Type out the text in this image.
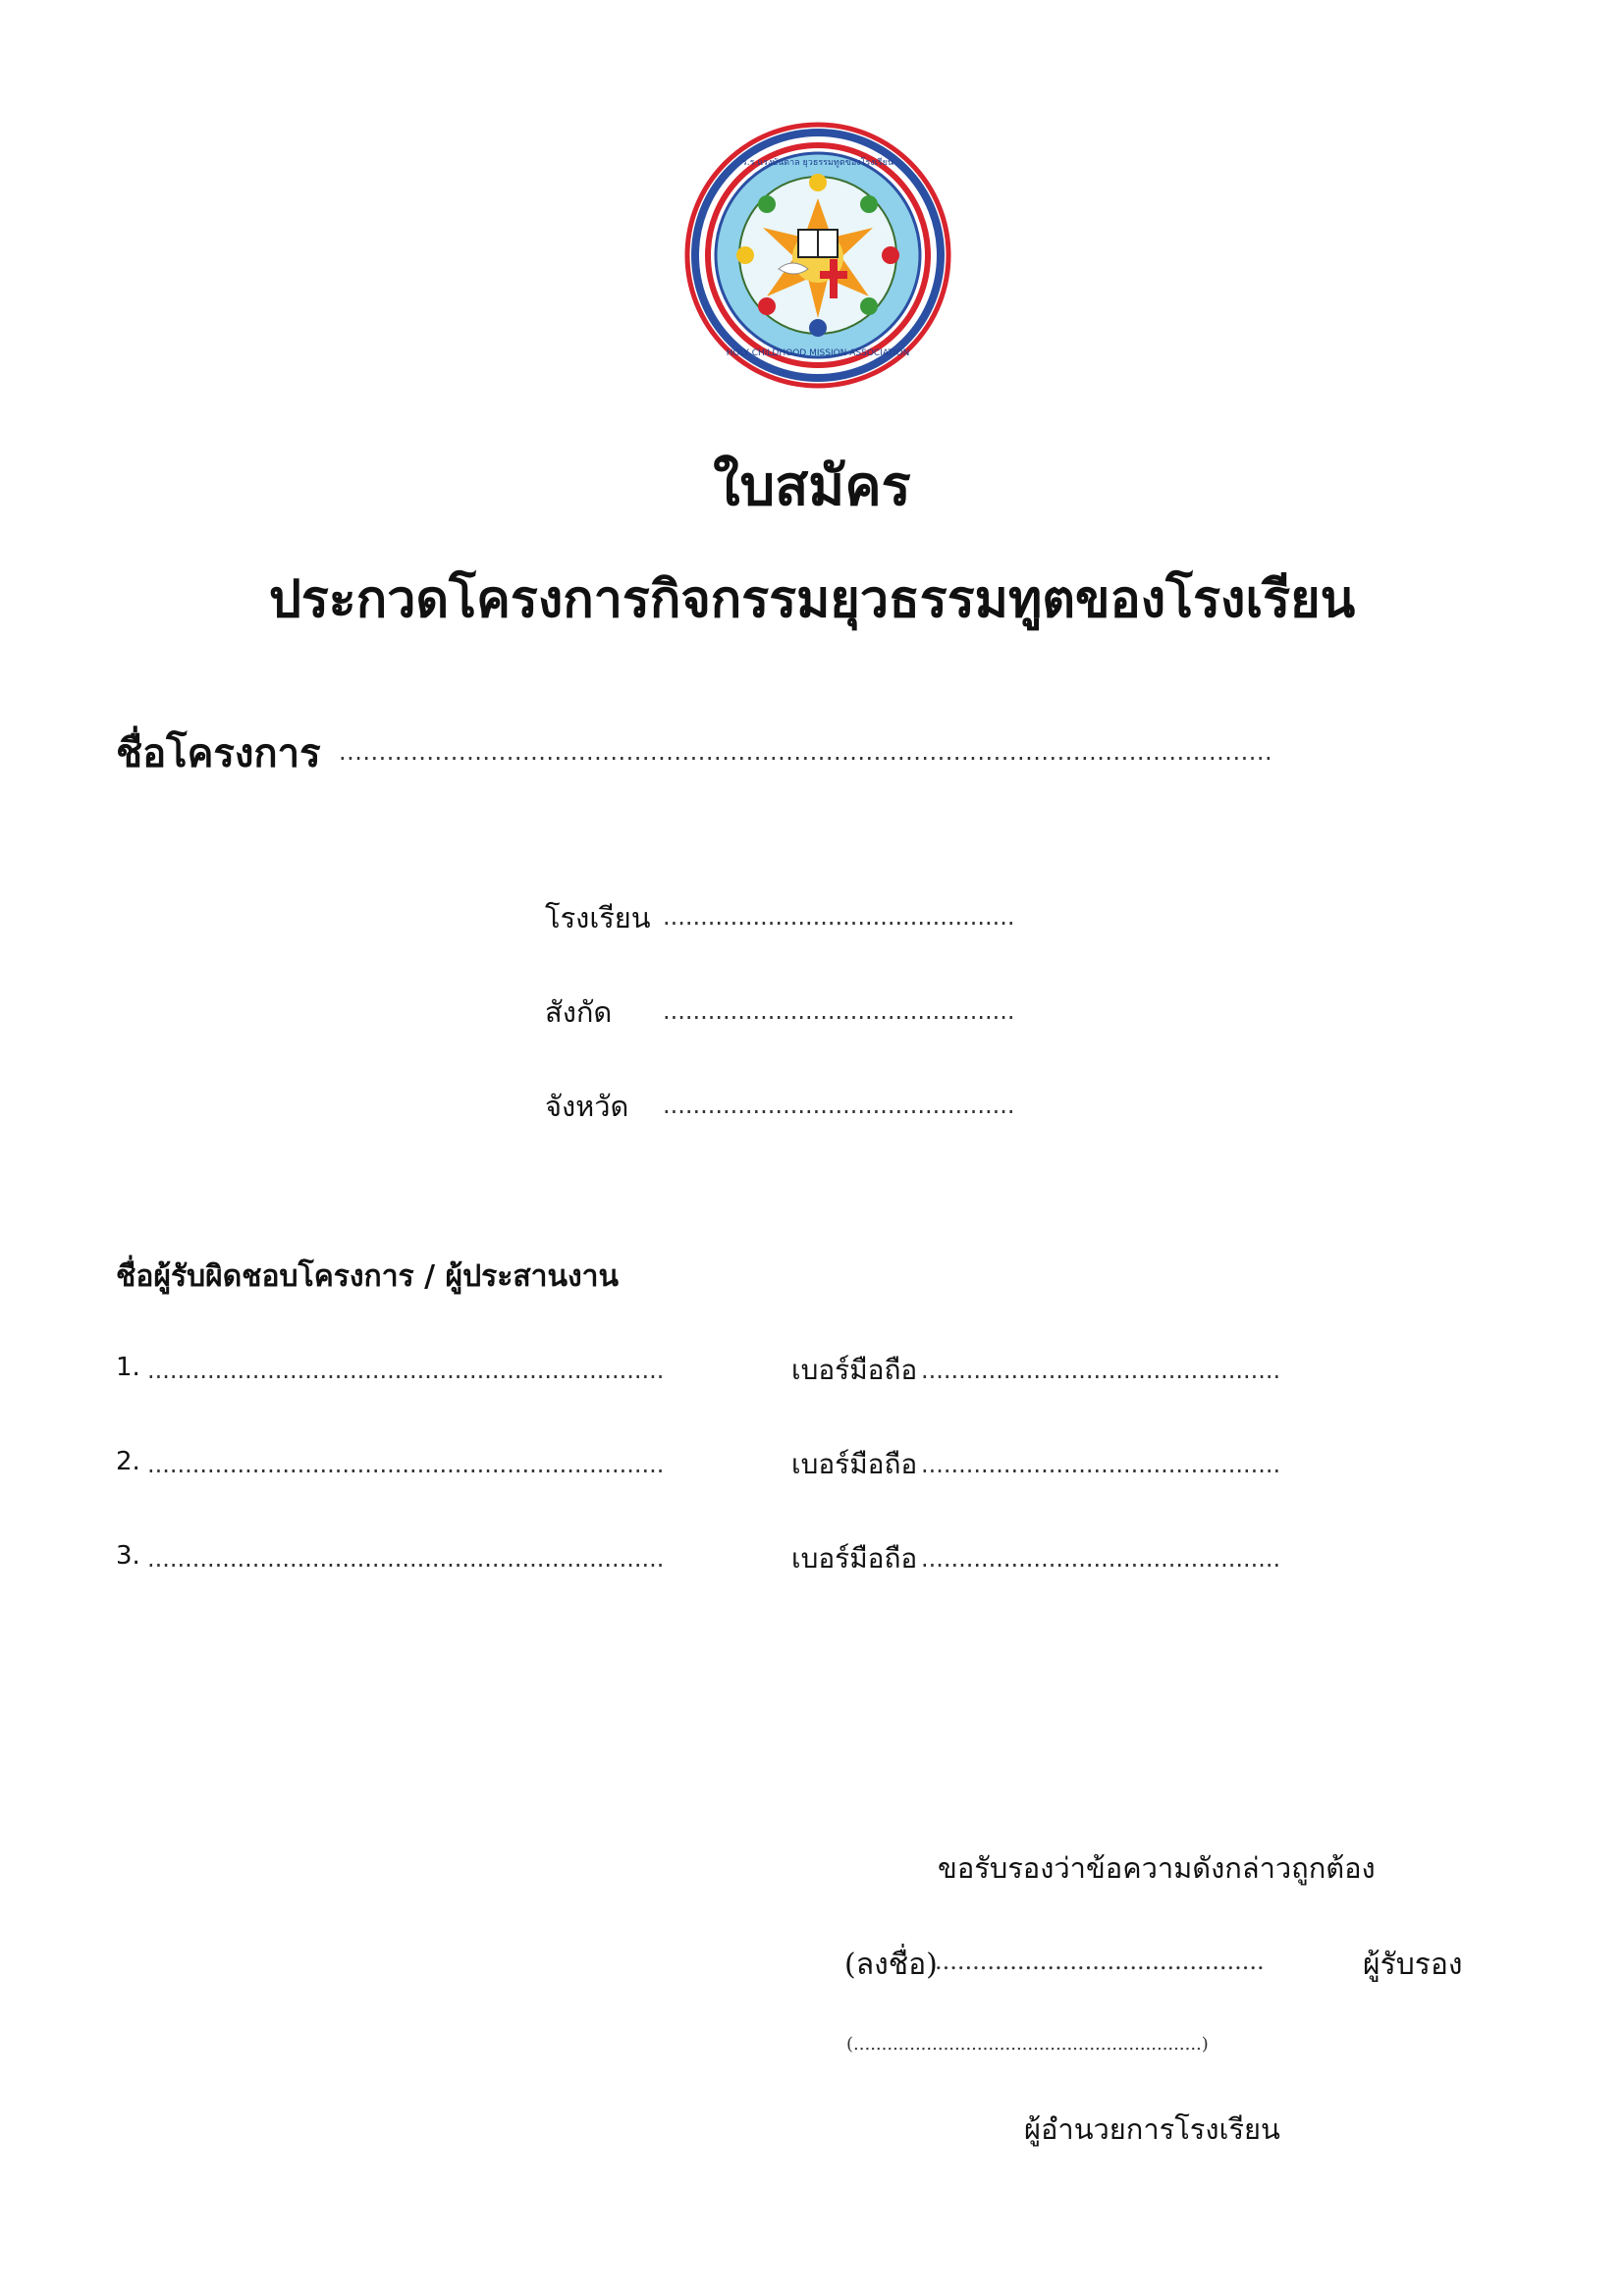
ร.ร.แรงบันดาล ยุวธรรมทูตของโรงเรียน
HOLY CHILDHOOD MISSION ASSOCIATION
ใบสมัคร
ประกวดโครงการกิจกรรมยุวธรรมทูตของโรงเรียน
ชื่อโครงการ .....................................................................................................................
โรงเรียน ...............................................
สังกัด ...............................................
จังหวัด ...............................................
ชื่อผู้รับผิดชอบโครงการ / ผู้ประสานงาน
1. .....................................................................	เบอร์มือถือ ................................................
2. .....................................................................	เบอร์มือถือ ................................................
3. .....................................................................	เบอร์มือถือ ................................................
ขอรับรองว่าข้อความดังกล่าวถูกต้อง
(ลงชื่อ)
............................................	ผู้รับรอง
(..............................................................)
ผู้อำนวยการโรงเรียน
